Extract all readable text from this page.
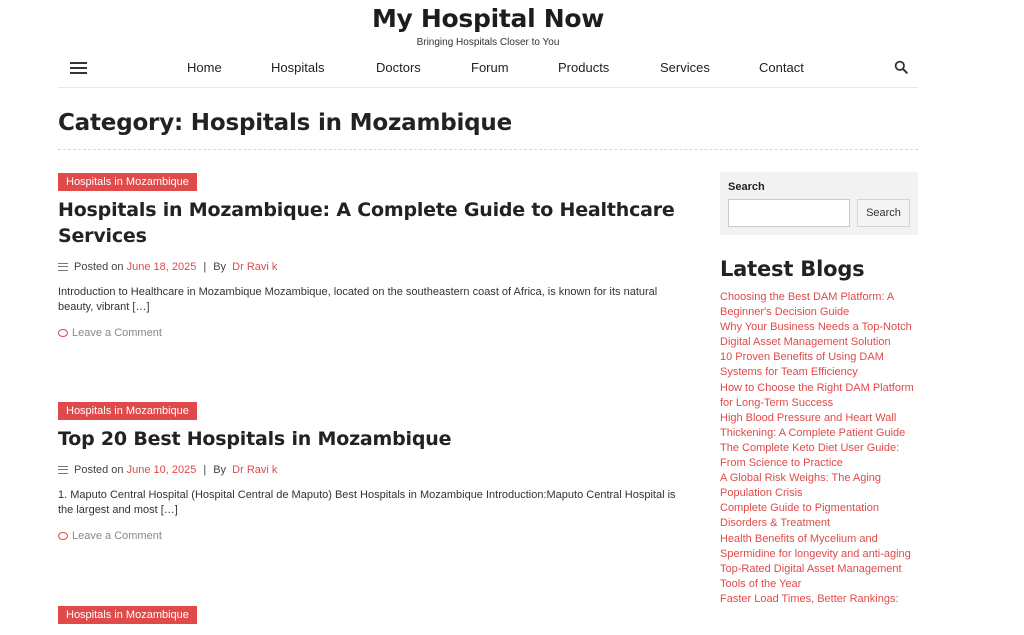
My Hospital Now
Bringing Hospitals Closer to You
Home	Hospitals	Doctors	Forum	Products	Services	Contact
Category: Hospitals in Mozambique
Hospitals in Mozambique
Hospitals in Mozambique: A Complete Guide to Healthcare Services
Posted on
June 18, 2025 | By
Dr Ravi k

Introduction to Healthcare in Mozambique Mozambique, located on the southeastern coast of Africa, is known for its natural beauty, vibrant […]

Leave a Comment
Hospitals in Mozambique
Top 20 Best Hospitals in Mozambique
Posted on
June 10, 2025 | By
Dr Ravi k

1. Maputo Central Hospital (Hospital Central de Maputo) Best Hospitals in Mozambique Introduction:Maputo Central Hospital is the largest and most […]

Leave a Comment
Hospitals in Mozambique
Search
Search
Latest Blogs
Choosing the Best DAM Platform: A Beginner's Decision Guide
Why Your Business Needs a Top-Notch Digital Asset Management Solution
10 Proven Benefits of Using DAM Systems for Team Efficiency
How to Choose the Right DAM Platform for Long-Term Success
High Blood Pressure and Heart Wall Thickening: A Complete Patient Guide
The Complete Keto Diet User Guide: From Science to Practice
A Global Risk Weighs: The Aging Population Crisis
Complete Guide to Pigmentation Disorders & Treatment
Health Benefits of Mycelium and Spermidine for longevity and anti-aging
Top-Rated Digital Asset Management Tools of the Year
Faster Load Times, Better Rankings:
